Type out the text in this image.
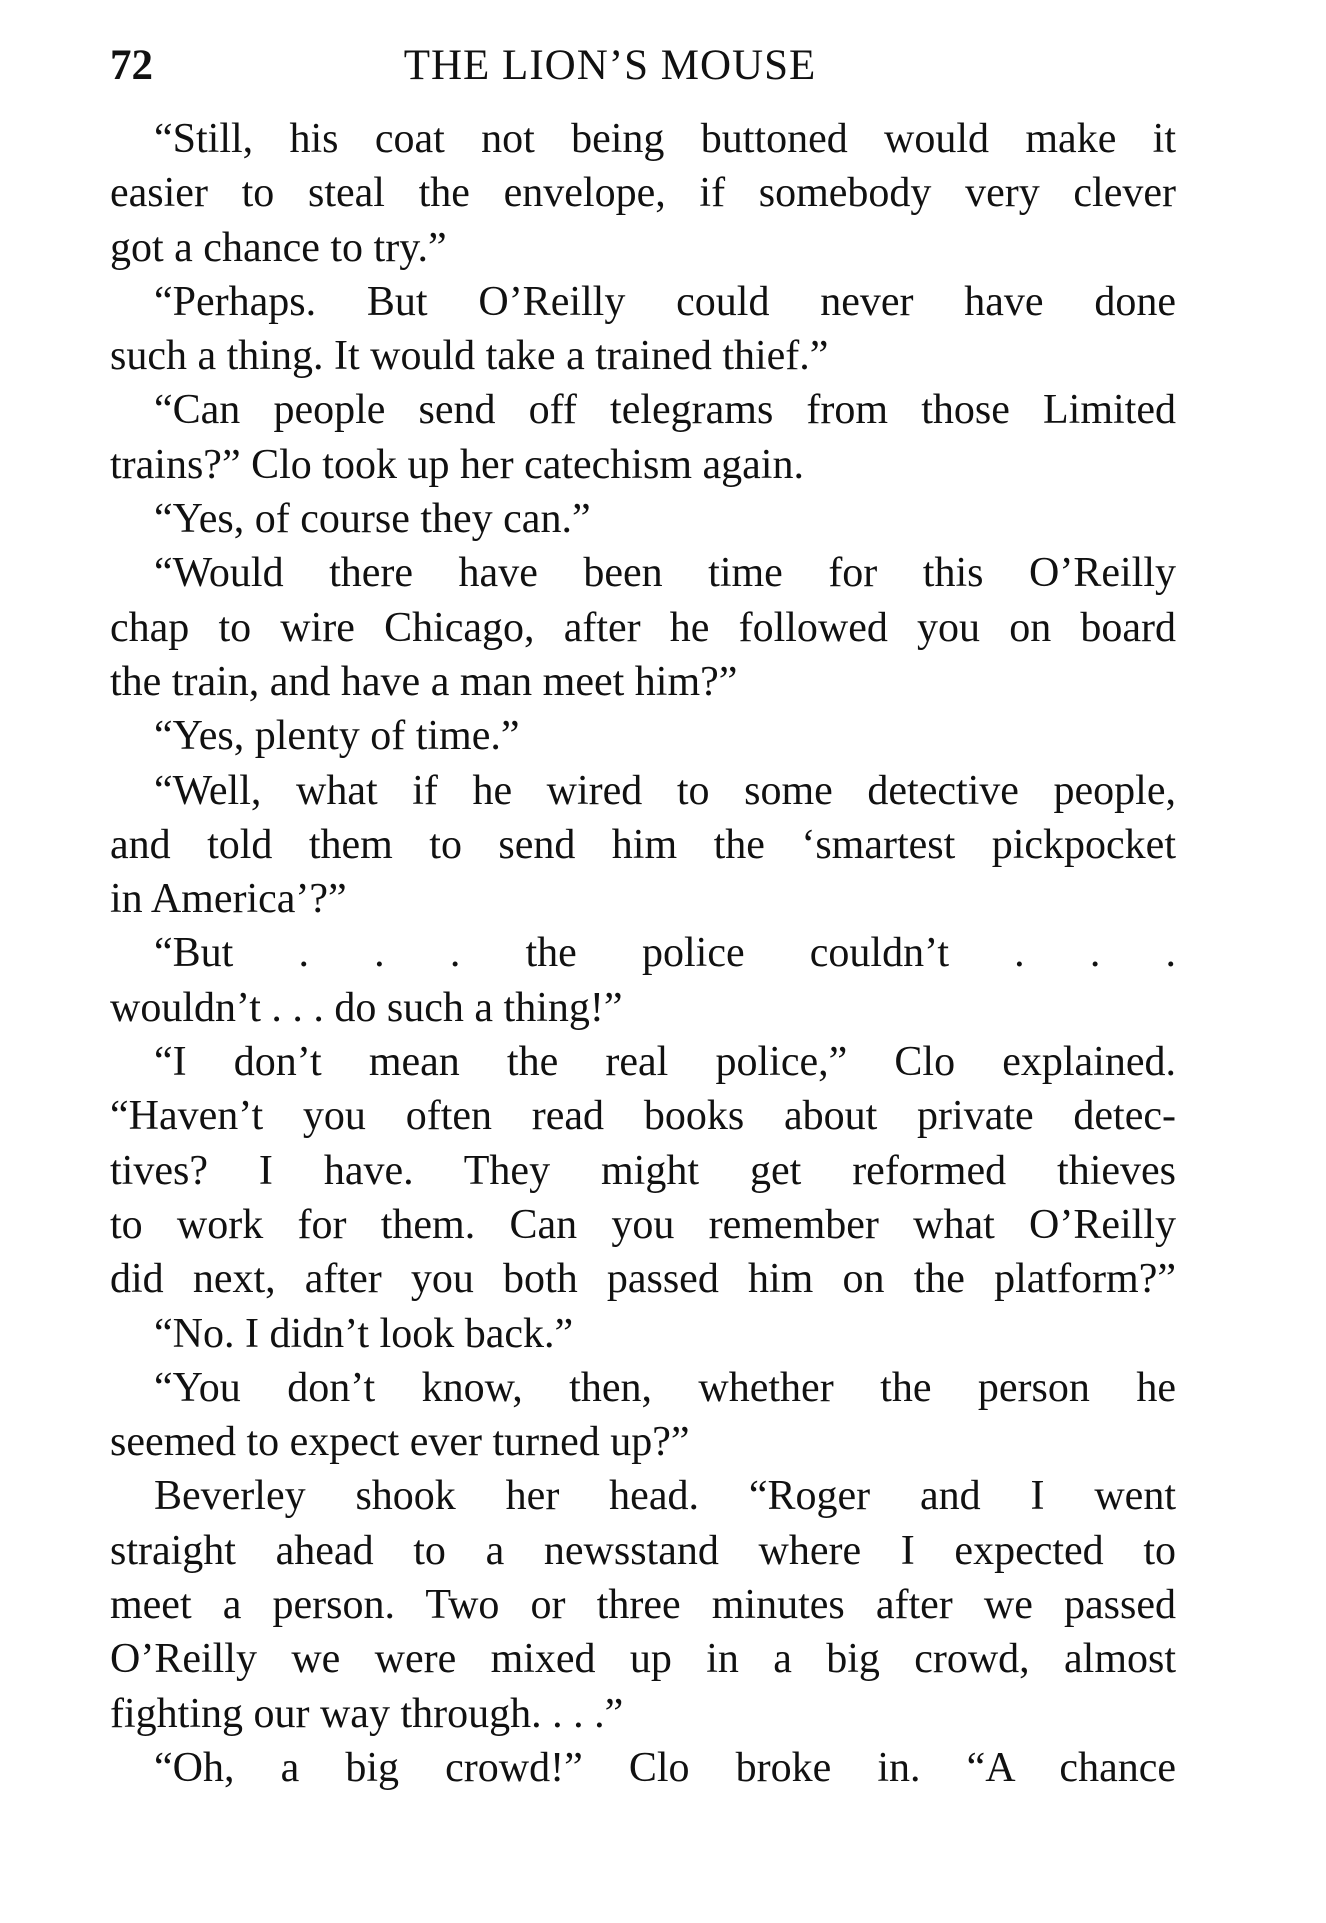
72	THE LION’S MOUSE
“Still, his coat not being buttoned would make it
easier to steal the envelope, if somebody very clever
got a chance to try.”
“Perhaps. But O’Reilly could never have done
such a thing. It would take a trained thief.”
“Can people send off telegrams from those Limited
trains?” Clo took up her catechism again.
“Yes, of course they can.”
“Would there have been time for this O’Reilly
chap to wire Chicago, after he followed you on board
the train, and have a man meet him?”
“Yes, plenty of time.”
“Well, what if he wired to some detective people,
and told them to send him the ‘smartest pickpocket
in America’?”
“But . . . the police couldn’t . . .
wouldn’t . . . do such a thing!”
“I don’t mean the real police,” Clo explained.
“Haven’t you often read books about private detec-
tives? I have. They might get reformed thieves
to work for them. Can you remember what O’Reilly
did next, after you both passed him on the platform?”
“No. I didn’t look back.”
“You don’t know, then, whether the person he
seemed to expect ever turned up?”
Beverley shook her head. “Roger and I went
straight ahead to a newsstand where I expected to
meet a person. Two or three minutes after we passed
O’Reilly we were mixed up in a big crowd, almost
fighting our way through. . . .”
“Oh, a big crowd!” Clo broke in. “A chance
